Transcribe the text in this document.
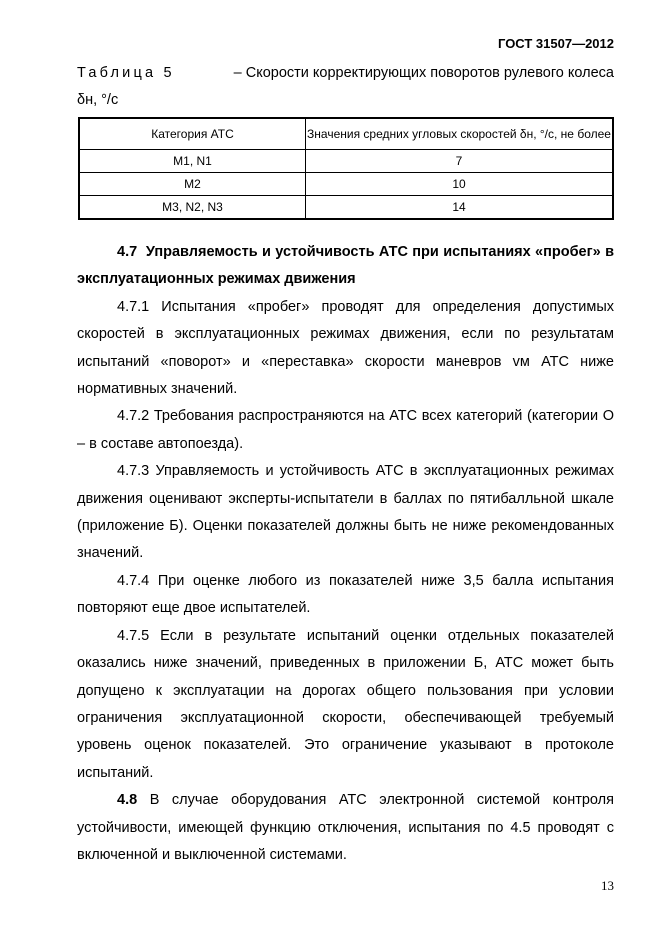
ГОСТ 31507—2012
Таблица 5	– Скорости корректирующих поворотов рулевого колеса
δн, °/с
Категория АТС	Значения средних угловых скоростей δн, °/с, не более
M1, N1	7
M2	10
M3, N2, N3	14

4.7 Управляемость и устойчивость АТС при испытаниях «пробег» в эксплуатационных режимах движения

4.7.1 Испытания «пробег» проводят для определения допустимых скоростей в эксплуатационных режимах движения, если по результатам испытаний «поворот» и «переставка» скорости маневров vм АТС ниже нормативных значений.

4.7.2 Требования распространяются на АТС всех категорий (категории О – в составе автопоезда).

4.7.3 Управляемость и устойчивость АТС в эксплуатационных режимах движения оценивают эксперты-испытатели в баллах по пятибалльной шкале (приложение Б). Оценки показателей должны быть не ниже рекомендованных значений.

4.7.4 При оценке любого из показателей ниже 3,5 балла испытания повторяют еще двое испытателей.

4.7.5 Если в результате испытаний оценки отдельных показателей оказались ниже значений, приведенных в приложении Б, АТС может быть допущено к эксплуатации на дорогах общего пользования при условии ограничения эксплуатационной скорости, обеспечивающей требуемый уровень оценок показателей. Это ограничение указывают в протоколе испытаний.

4.8 В случае оборудования АТС электронной системой контроля устойчивости, имеющей функцию отключения, испытания по 4.5 проводят с включенной и выключенной системами.

13
